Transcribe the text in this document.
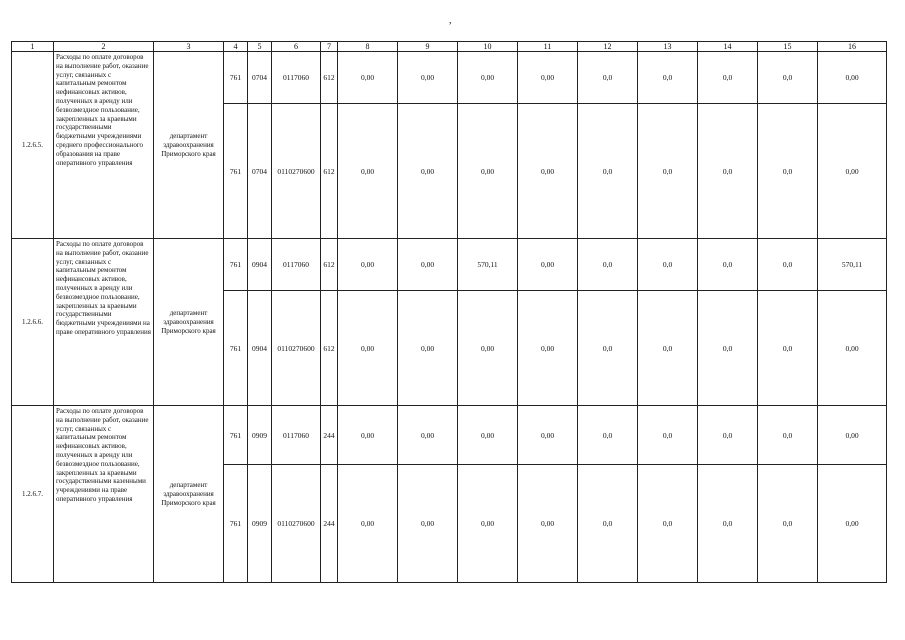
,
1	2	3	4	5	6	7	8	9	10	11	12	13	14	15	16
1.2.6.5.	Расходы по оплате договоров на выполнение работ, оказание услуг, связанных с капитальным ремонтом нефинансовых активов, полученных в аренду или безвозмездное пользование, закрепленных за краевыми государственными бюджетными учреждениями среднего профессионального образования на праве оперативного управления	департамент здравоохранения Приморского края	761	0704	0117060	612	0,00	0,00	0,00	0,00	0,0	0,0	0,0	0,0	0,00
			761	0704	0110270600	612	0,00	0,00	0,00	0,00	0,0	0,0	0,0	0,0	0,00
1.2.6.6.	Расходы по оплате договоров на выполнение работ, оказание услуг, связанных с капитальным ремонтом нефинансовых активов, полученных в аренду или безвозмездное пользование, закрепленных за краевыми государственными бюджетными учреждениями на праве оперативного управления	департамент здравоохранения Приморского края	761	0904	0117060	612	0,00	0,00	570,11	0,00	0,0	0,0	0,0	0,0	570,11
			761	0904	0110270600	612	0,00	0,00	0,00	0,00	0,0	0,0	0,0	0,0	0,00
1.2.6.7.	Расходы по оплате договоров на выполнение работ, оказание услуг, связанных с капитальным ремонтом нефинансовых активов, полученных в аренду или безвозмездное пользование, закрепленных за краевыми государственными казенными учреждениями на праве оперативного управления	департамент здравоохранения Приморского края	761	0909	0117060	244	0,00	0,00	0,00	0,00	0,0	0,0	0,0	0,0	0,00
			761	0909	0110270600	244	0,00	0,00	0,00	0,00	0,0	0,0	0,0	0,0	0,00
